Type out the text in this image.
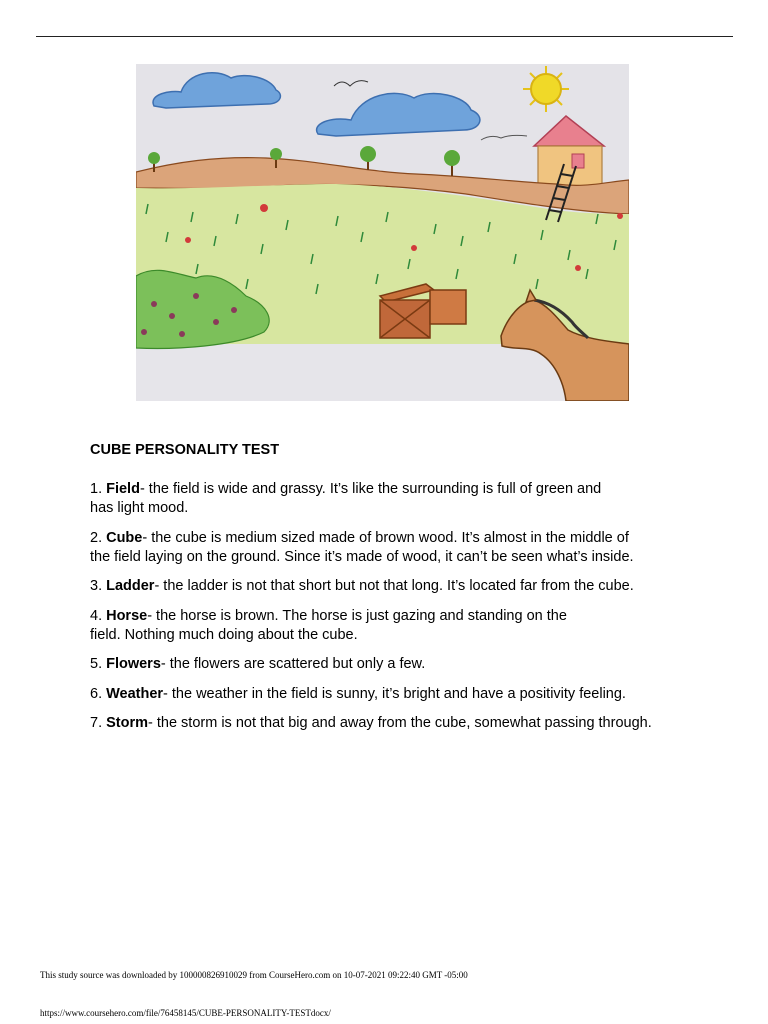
CUBE PERSONALITY TEST
1. Field- the field is wide and grassy. It’s like the surrounding is full of green and
has light mood.
2. Cube- the cube is medium sized made of brown wood. It’s almost in the middle of
the field laying on the ground. Since it’s made of wood, it can’t be seen what’s inside.
3. Ladder- the ladder is not that short but not that long. It’s located far from the cube.
4. Horse- the horse is brown. The horse is just gazing and standing on the
field. Nothing much doing about the cube.
5. Flowers- the flowers are scattered but only a few.
6. Weather- the weather in the field is sunny, it’s bright and have a positivity feeling.
7. Storm- the storm is not that big and away from the cube, somewhat passing through.
This study source was downloaded by 100000826910029 from CourseHero.com on 10-07-2021 09:22:40 GMT -05:00
https://www.coursehero.com/file/76458145/CUBE-PERSONALITY-TESTdocx/
